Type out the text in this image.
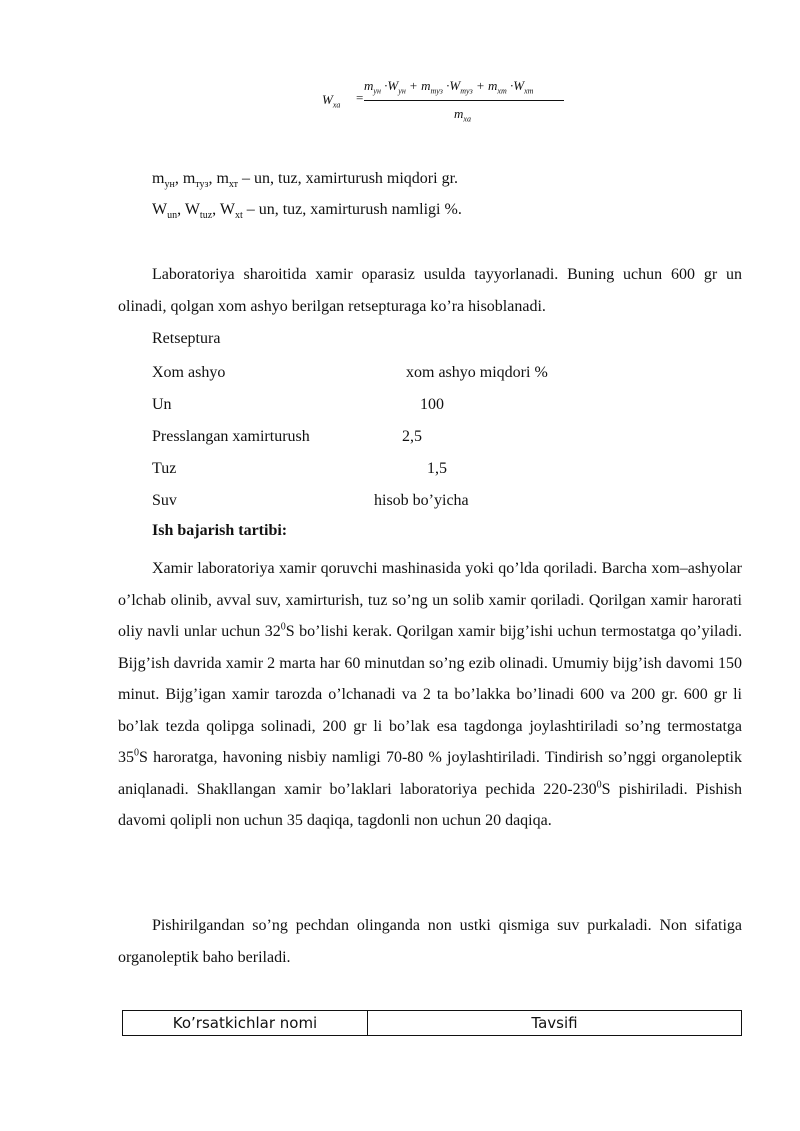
$W_{xa}$
=
$m_{yн} \cdot W_{yн} + m_{myз} \cdot W_{myз} + m_{xm} \cdot W_{xm}$
$m_{xa}$
$m_{ун}$, $m_{туз}$, $m_{хт}$ – un, tuz, xamirturush miqdori gr.
$W_{un}$, $W_{tuz}$, $W_{xt}$ – un, tuz, xamirturush namligi %.
Laboratoriya sharoitida xamir oparasiz usulda tayyorlanadi. Buning uchun 600 gr un olinadi, qolgan xom ashyo berilgan retsepturaga ko’ra hisoblanadi.
Retseptura
Xom ashyo	xom ashyo miqdori %
Un	100
Presslangan xamirturush	2,5
Tuz	1,5
Suv	hisob bo’yicha
Ish bajarish tartibi:
Xamir laboratoriya xamir qoruvchi mashinasida yoki qo’lda qoriladi. Barcha xom–ashyolar o’lchab olinib, avval suv, xamirturish, tuz so’ng un solib xamir qoriladi. Qorilgan xamir harorati oliy navli unlar uchun $32^0S$ bo’lishi kerak. Qorilgan xamir bijg’ishi uchun termostatga qo’yiladi. Bijg’ish davrida xamir 2 marta har 60 minutdan so’ng ezib olinadi. Umumiy bijg’ish davomi 150 minut. Bijg’igan xamir tarozda o’lchanadi va 2 ta bo’lakka bo’linadi 600 va 200 gr. 600 gr li bo’lak tezda qolipga solinadi, 200 gr li bo’lak esa tagdonga joylashtiriladi so’ng termostatga $35^0S$ haroratga, havoning nisbiy namligi 70-80 % joylashtiriladi. Tindirish so’nggi organoleptik aniqlanadi. Shakllangan xamir bo’laklari laboratoriya pechida $220-230^0S$ pishiriladi. Pishish davomi qolipli non uchun 35 daqiqa, tagdonli non uchun 20 daqiqa.
Pishirilgandan so’ng pechdan olinganda non ustki qismiga suv purkaladi. Non sifatiga organoleptik baho beriladi.
Ko’rsatkichlar nomi	Tavsifi
